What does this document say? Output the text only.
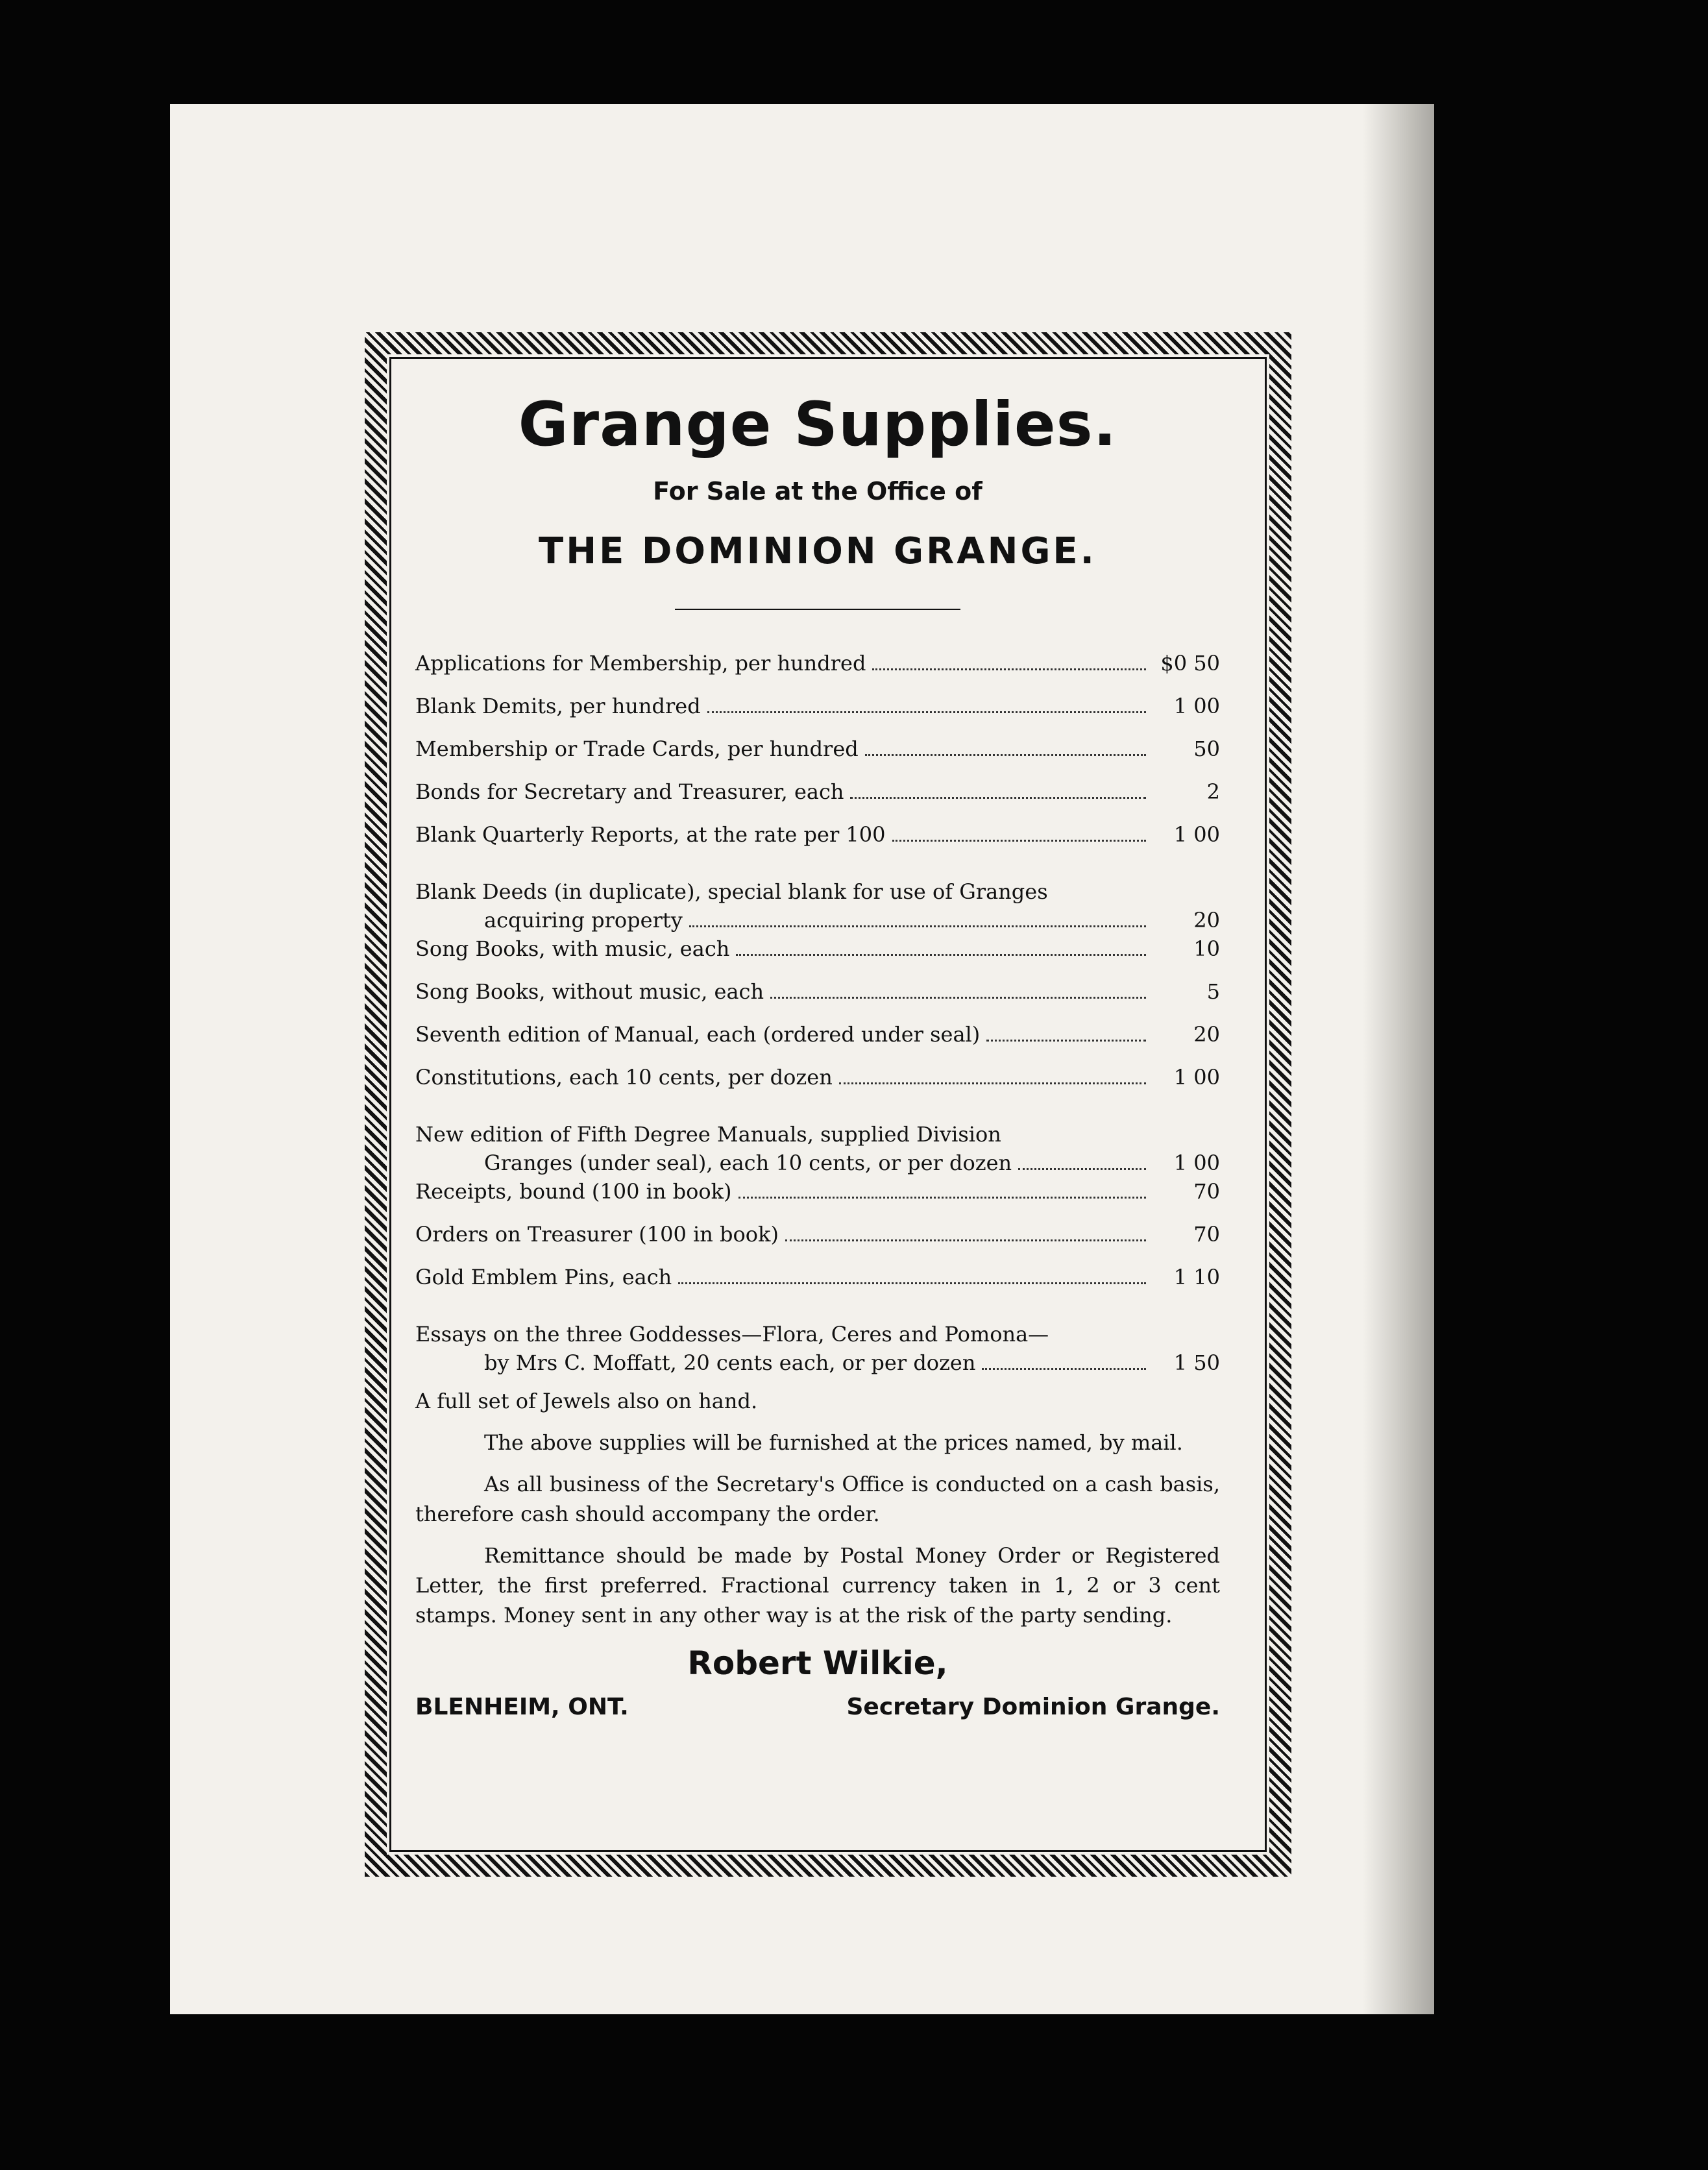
Grange Supplies.
For Sale at the Office of
THE DOMINION GRANGE.
Applications for Membership, per hundred	$0 50
Blank Demits, per hundred	1 00
Membership or Trade Cards, per hundred	50
Bonds for Secretary and Treasurer, each	2
Blank Quarterly Reports, at the rate per 100	1 00
Blank Deeds (in duplicate), special blank for use of Granges
acquiring property	20
Song Books, with music, each	10
Song Books, without music, each	5
Seventh edition of Manual, each (ordered under seal)	20
Constitutions, each 10 cents, per dozen	1 00
New edition of Fifth Degree Manuals, supplied Division
Granges (under seal), each 10 cents, or per dozen	1 00
Receipts, bound (100 in book)	70
Orders on Treasurer (100 in book)	70
Gold Emblem Pins, each	1 10
Essays on the three Goddesses—Flora, Ceres and Pomona—
by Mrs C. Moffatt, 20 cents each, or per dozen	1 50

A full set of Jewels also on hand.

The above supplies will be furnished at the prices named, by mail.

As all business of the Secretary's Office is conducted on a cash basis, therefore cash should accompany the order.

Remittance should be made by Postal Money Order or Registered Letter, the first preferred. Fractional currency taken in 1, 2 or 3 cent stamps. Money sent in any other way is at the risk of the party sending.

Robert Wilkie,
BLENHEIM, ONT.	Secretary Dominion Grange.
